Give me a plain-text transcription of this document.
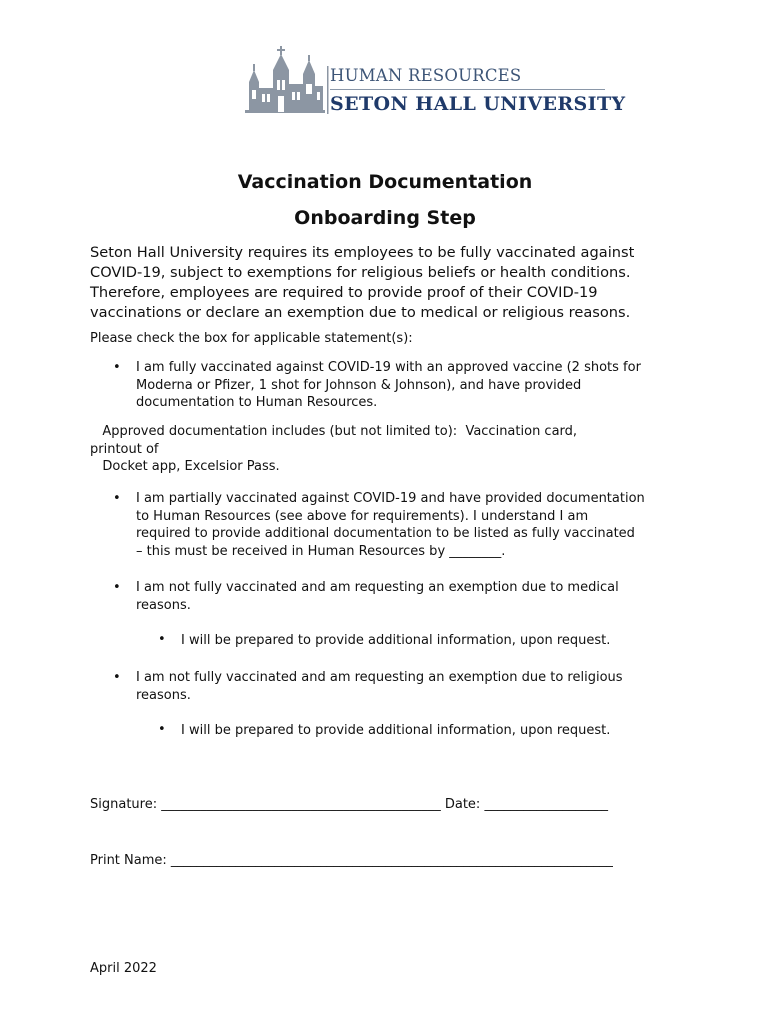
HUMAN RESOURCES
SETON HALL UNIVERSITY
Vaccination Documentation
Onboarding Step
Seton Hall University requires its employees to be fully vaccinated against
COVID-19, subject to exemptions for religious beliefs or health conditions.
Therefore, employees are required to provide proof of their COVID-19
vaccinations or declare an exemption due to medical or religious reasons.
Please check the box for applicable statement(s):
• I am fully vaccinated against COVID-19 with an approved vaccine (2 shots for
Moderna or Pfizer, 1 shot for Johnson & Johnson), and have provided
documentation to Human Resources.
Approved documentation includes (but not limited to):  Vaccination card,
printout of
Docket app, Excelsior Pass.
• I am partially vaccinated against COVID-19 and have provided documentation
to Human Resources (see above for requirements). I understand I am
required to provide additional documentation to be listed as fully vaccinated
– this must be received in Human Resources by ________.
• I am not fully vaccinated and am requesting an exemption due to medical
reasons.
• I will be prepared to provide additional information, upon request.
• I am not fully vaccinated and am requesting an exemption due to religious
reasons.
• I will be prepared to provide additional information, upon request.
Signature: ___________________________________________ Date: ___________________
Print Name: ____________________________________________________________________
April 2022
